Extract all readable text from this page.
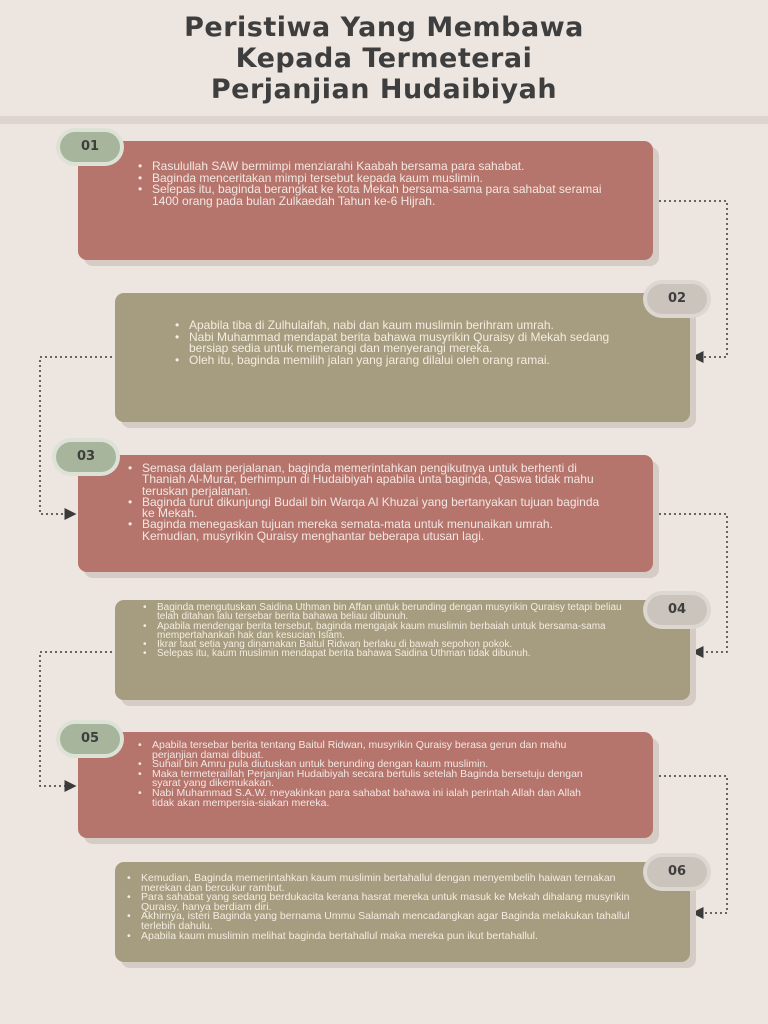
Peristiwa Yang Membawa
Kepada Termeterai
Perjanjian Hudaibiyah
• Rasulullah SAW bermimpi menziarahi Kaabah bersama para sahabat.
• Baginda menceritakan mimpi tersebut kepada kaum muslimin.
• Selepas itu, baginda berangkat ke kota Mekah bersama-sama para sahabat seramai 1400 orang pada bulan Zulkaedah Tahun ke-6 Hijrah.
01
• Apabila tiba di Zulhulaifah, nabi dan kaum muslimin berihram umrah.
• Nabi Muhammad mendapat berita bahawa musyrikin Quraisy di Mekah sedang bersiap sedia untuk memerangi dan menyerangi mereka.
• Oleh itu, baginda memilih jalan yang jarang dilalui oleh orang ramai.
02
• Semasa dalam perjalanan, baginda memerintahkan pengikutnya untuk berhenti di Thaniah Al-Murar, berhimpun di Hudaibiyah apabila unta baginda, Qaswa tidak mahu teruskan perjalanan.
• Baginda turut dikunjungi Budail bin Warqa Al Khuzai yang bertanyakan tujuan baginda ke Mekah.
• Baginda menegaskan tujuan mereka semata-mata untuk menunaikan umrah. Kemudian, musyrikin Quraisy menghantar beberapa utusan lagi.
03
• Baginda mengutuskan Saidina Uthman bin Affan untuk berunding dengan musyrikin Quraisy tetapi beliau telah ditahan lalu tersebar berita bahawa beliau dibunuh.
• Apabila mendengar berita tersebut, baginda mengajak kaum muslimin berbaiah untuk bersama-sama mempertahankan hak dan kesucian Islam.
• Ikrar taat setia yang dinamakan Baitul Ridwan berlaku di bawah sepohon pokok.
• Selepas itu, kaum muslimin mendapat berita bahawa Saidina Uthman tidak dibunuh.
04
• Apabila tersebar berita tentang Baitul Ridwan, musyrikin Quraisy berasa gerun dan mahu perjanjian damai dibuat.
• Suhail bin Amru pula diutuskan untuk berunding dengan kaum muslimin.
• Maka termeteraillah Perjanjian Hudaibiyah secara bertulis setelah Baginda bersetuju dengan syarat yang dikemukakan.
• Nabi Muhammad S.A.W. meyakinkan para sahabat bahawa ini ialah perintah Allah dan Allah tidak akan mempersia-siakan mereka.
05
• Kemudian, Baginda memerintahkan kaum muslimin bertahallul dengan menyembelih haiwan ternakan merekan dan bercukur rambut.
• Para sahabat yang sedang berdukacita kerana hasrat mereka untuk masuk ke Mekah dihalang musyrikin Quraisy, hanya berdiam diri.
• Akhirnya, isteri Baginda yang bernama Ummu Salamah mencadangkan agar Baginda melakukan tahallul terlebih dahulu.
• Apabila kaum muslimin melihat baginda bertahallul maka mereka pun ikut bertahallul.
06
